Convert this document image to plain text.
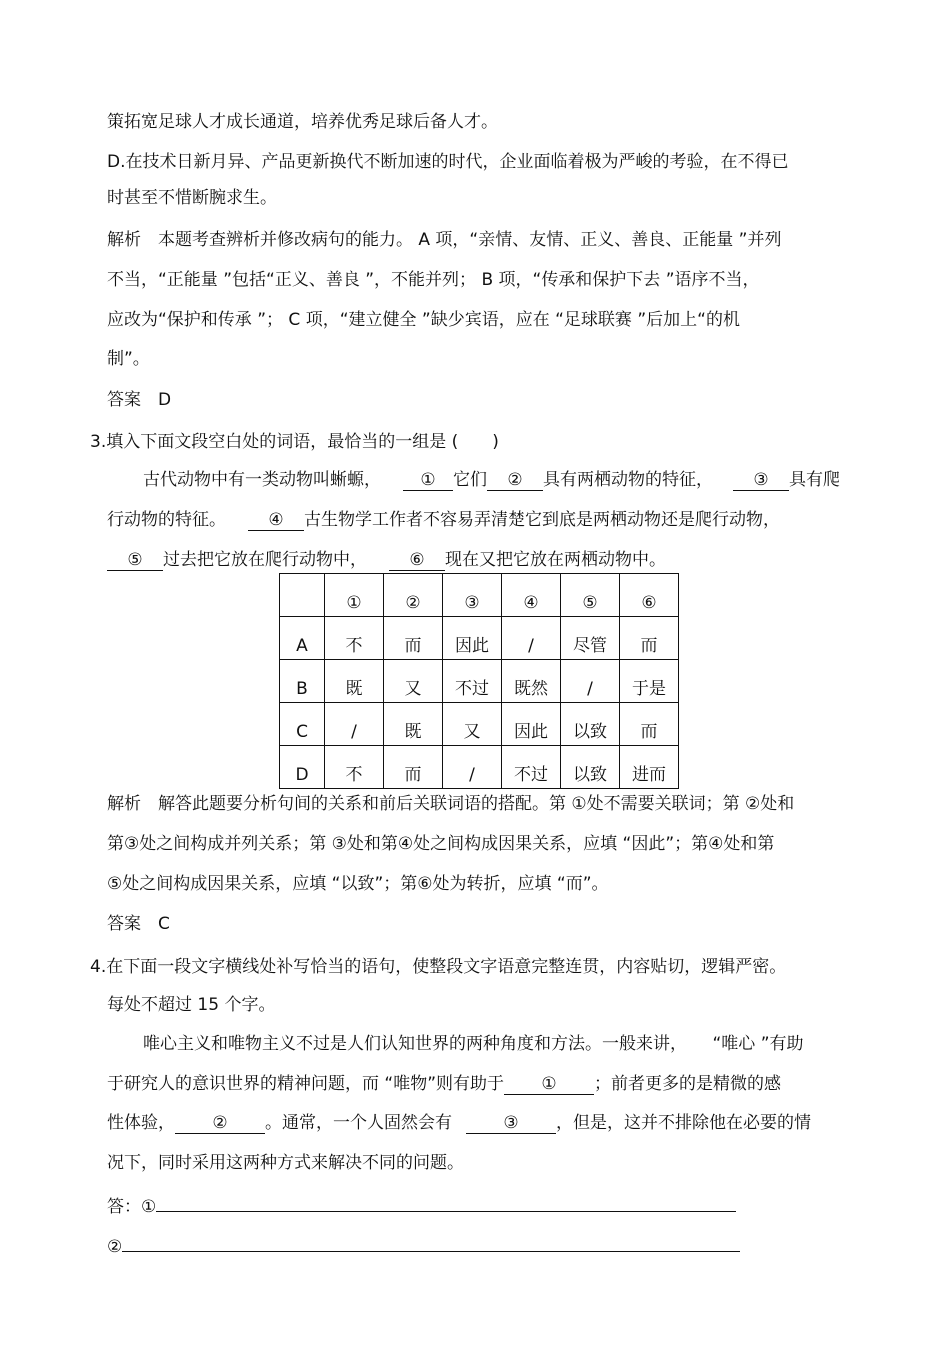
策拓宽足球人才成长通道，培养优秀足球后备人才。
D.在技术日新月异、产品更新换代不断加速的时代，企业面临着极为严峻的考验，在不得已
时甚至不惜断腕求生。
解析　本题考查辨析并修改病句的能力。 A 项，“亲情、友情、正义、善良、正能量 ”并列
不当，“正能量 ”包括“正义、善良 ”，不能并列； B 项，“传承和保护下去 ”语序不当，
应改为“保护和传承 ”； C 项，“建立健全 ”缺少宾语，应在 “足球联赛 ”后加上“的机
制”。
答案　D
3.填入下面文段空白处的词语，最恰当的一组是 (　　)
古代动物中有一类动物叫蜥螈， ① 它们 ② 具有两栖动物的特征， ③ 具有爬
行动物的特征。 ④ 古生物学工作者不容易弄清楚它到底是两栖动物还是爬行动物，
⑤ 过去把它放在爬行动物中， ⑥ 现在又把它放在两栖动物中。
	①	②	③	④	⑤	⑥
A	不	而	因此	/	尽管	而
B	既	又	不过	既然	/	于是
C	/	既	又	因此	以致	而
D	不	而	/	不过	以致	进而
解析　解答此题要分析句间的关系和前后关联词语的搭配。第 ①处不需要关联词；第 ②处和
第③处之间构成并列关系；第 ③处和第④处之间构成因果关系，应填 “因此”；第④处和第
⑤处之间构成因果关系，应填 “以致”；第⑥处为转折，应填 “而”。
答案　C
4.在下面一段文字横线处补写恰当的语句，使整段文字语意完整连贯，内容贴切，逻辑严密。
每处不超过 15 个字。
唯心主义和唯物主义不过是人们认知世界的两种角度和方法。一般来讲，　　“唯心 ”有助
于研究人的意识世界的精神问题，而 “唯物”则有助于 ① ；前者更多的是精微的感
性体验， ② 。通常，一个人固然会有	③ ，但是，这并不排除他在必要的情
况下，同时采用这两种方式来解决不同的问题。
答：①
②
